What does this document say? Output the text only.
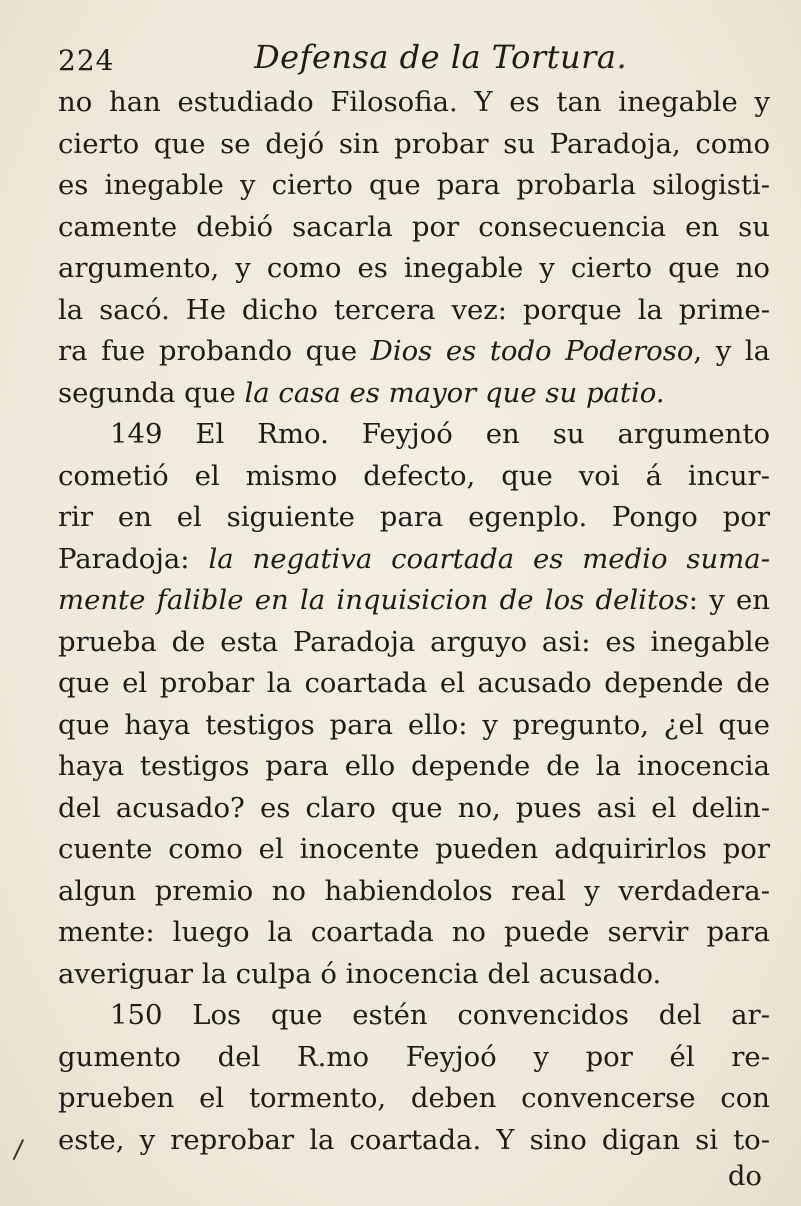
224	Defensa de la Tortura.
no han estudiado Filosofia. Y es tan inegable y
cierto que se dejó sin probar su Paradoja, como
es inegable y cierto que para probarla silogisti-
camente debió sacarla por consecuencia en su
argumento, y como es inegable y cierto que no
la sacó. He dicho tercera vez: porque la prime-
ra fue probando que Dios es todo Poderoso, y la
segunda que la casa es mayor que su patio.
149 El Rmo. Feyjoó en su argumento
cometió el mismo defecto, que voi á incur-
rir en el siguiente para egenplo. Pongo por
Paradoja: la negativa coartada es medio suma-
mente falible en la inquisicion de los delitos: y en
prueba de esta Paradoja arguyo asi: es inegable
que el probar la coartada el acusado depende de
que haya testigos para ello: y pregunto, ¿el que
haya testigos para ello depende de la inocencia
del acusado? es claro que no, pues asi el delin-
cuente como el inocente pueden adquirirlos por
algun premio no habiendolos real y verdadera-
mente: luego la coartada no puede servir para
averiguar la culpa ó inocencia del acusado.
150 Los que estén convencidos del ar-
gumento del R.mo Feyjoó y por él re-
prueben el tormento, deben convencerse con
este, y reprobar la coartada. Y sino digan si to-
do
/
